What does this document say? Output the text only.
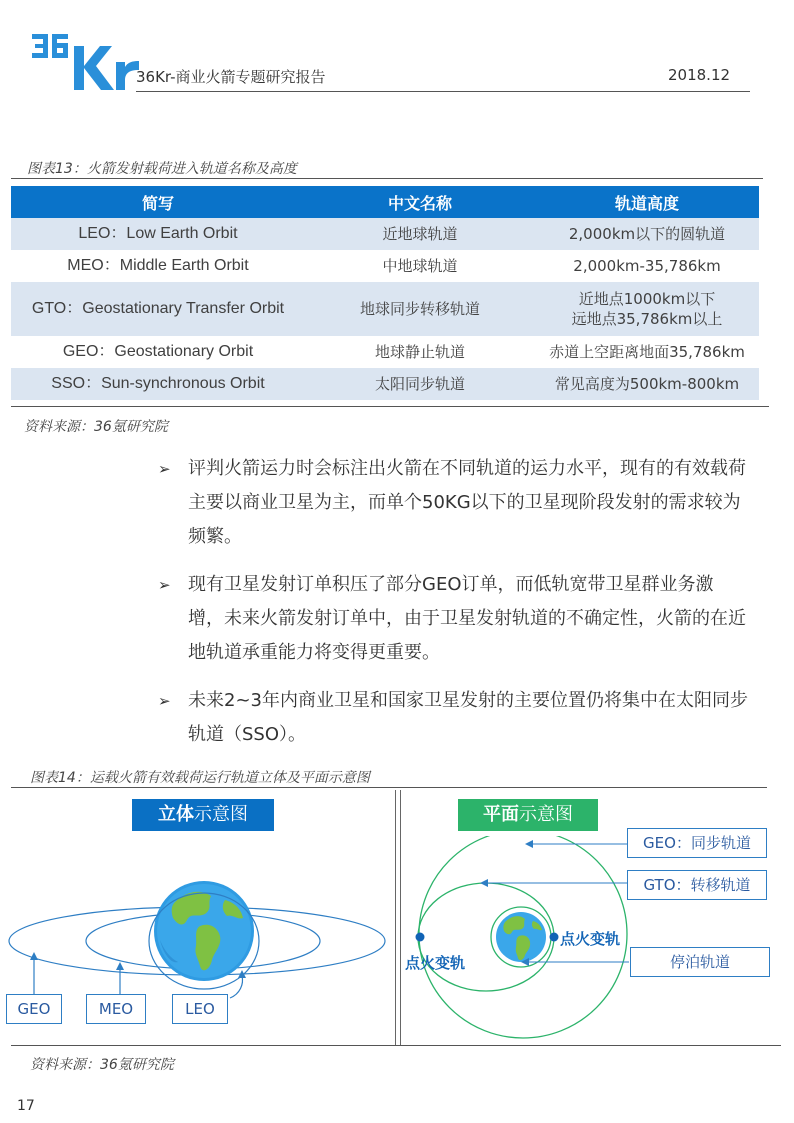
36Kr-商业火箭专题研究报告	2018.12
图表13：火箭发射载荷进入轨道名称及高度
简写	中文名称	轨道高度
LEO：Low Earth Orbit	近地球轨道	2,000km以下的圆轨道
MEO：Middle Earth Orbit	中地球轨道	2,000km-35,786km
GTO：Geostationary Transfer Orbit	地球同步转移轨道	近地点1000km以下
远地点35,786km以上

GEO：Geostationary Orbit	地球静止轨道	赤道上空距离地面35,786km
SSO：Sun-synchronous Orbit	太阳同步轨道	常见高度为500km-800km
资料来源：36氪研究院
➢ 评判火箭运力时会标注出火箭在不同轨道的运力水平，现有的有效载荷主要以商业卫星为主，而单个50KG以下的卫星现阶段发射的需求较为频繁。
➢ 现有卫星发射订单积压了部分GEO订单，而低轨宽带卫星群业务激增，未来火箭发射订单中，由于卫星发射轨道的不确定性，火箭的在近地轨道承重能力将变得更重要。
➢ 未来2~3年内商业卫星和国家卫星发射的主要位置仍将集中在太阳同步轨道（SSO）。
图表14：运载火箭有效载荷运行轨道立体及平面示意图
立体示意图
GEO	MEO	LEO
平面示意图
点火变轨
点火变轨
GEO：同步轨道
GTO：转移轨道
停泊轨道
资料来源：36氪研究院
17
